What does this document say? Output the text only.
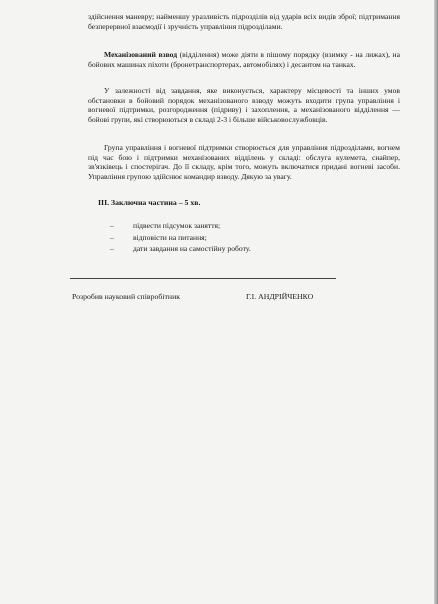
здійснення маневру; найменшу уразливість підрозділів від ударів всіх видів зброї; підтримання безперервної взаємодії і зручність управління підрозділами.

Механізований взвод (відділення) може діяти в пішому порядку (взимку - на лижах), на бойових машинах піхоти (бронетранспортерах, автомобілях) і десантом на танках.

У залежності від завдання, яке виконується, характеру місцевості та інших умов обстановки в бойовий порядок механізованого взводу можуть входити група управління і вогневої підтримки, розгородження (підриву) і захоплення, а механізованого відділення — бойові групи, які створюються в складі 2-3 і більше військовослужбовців.

Група управління і вогневої підтримки створюється для управління підрозділами, вогнем під час бою і підтримки механізованих відділень у складі: обслуга кулемета, снайпер, зв'язківець і спостерігач. До її складу, крім того, можуть включатися придані вогневі засоби. Управління групою здійснює командир взводу. Дякую за увагу.

ІІІ. Заключна частина – 5 хв.

–	підвести підсумок заняття;
–	відповісти на питання;
–	дати завдання на самостійну роботу.

Розробив науковий співробітник	Г.І. АНДРІЙЧЕНКО
